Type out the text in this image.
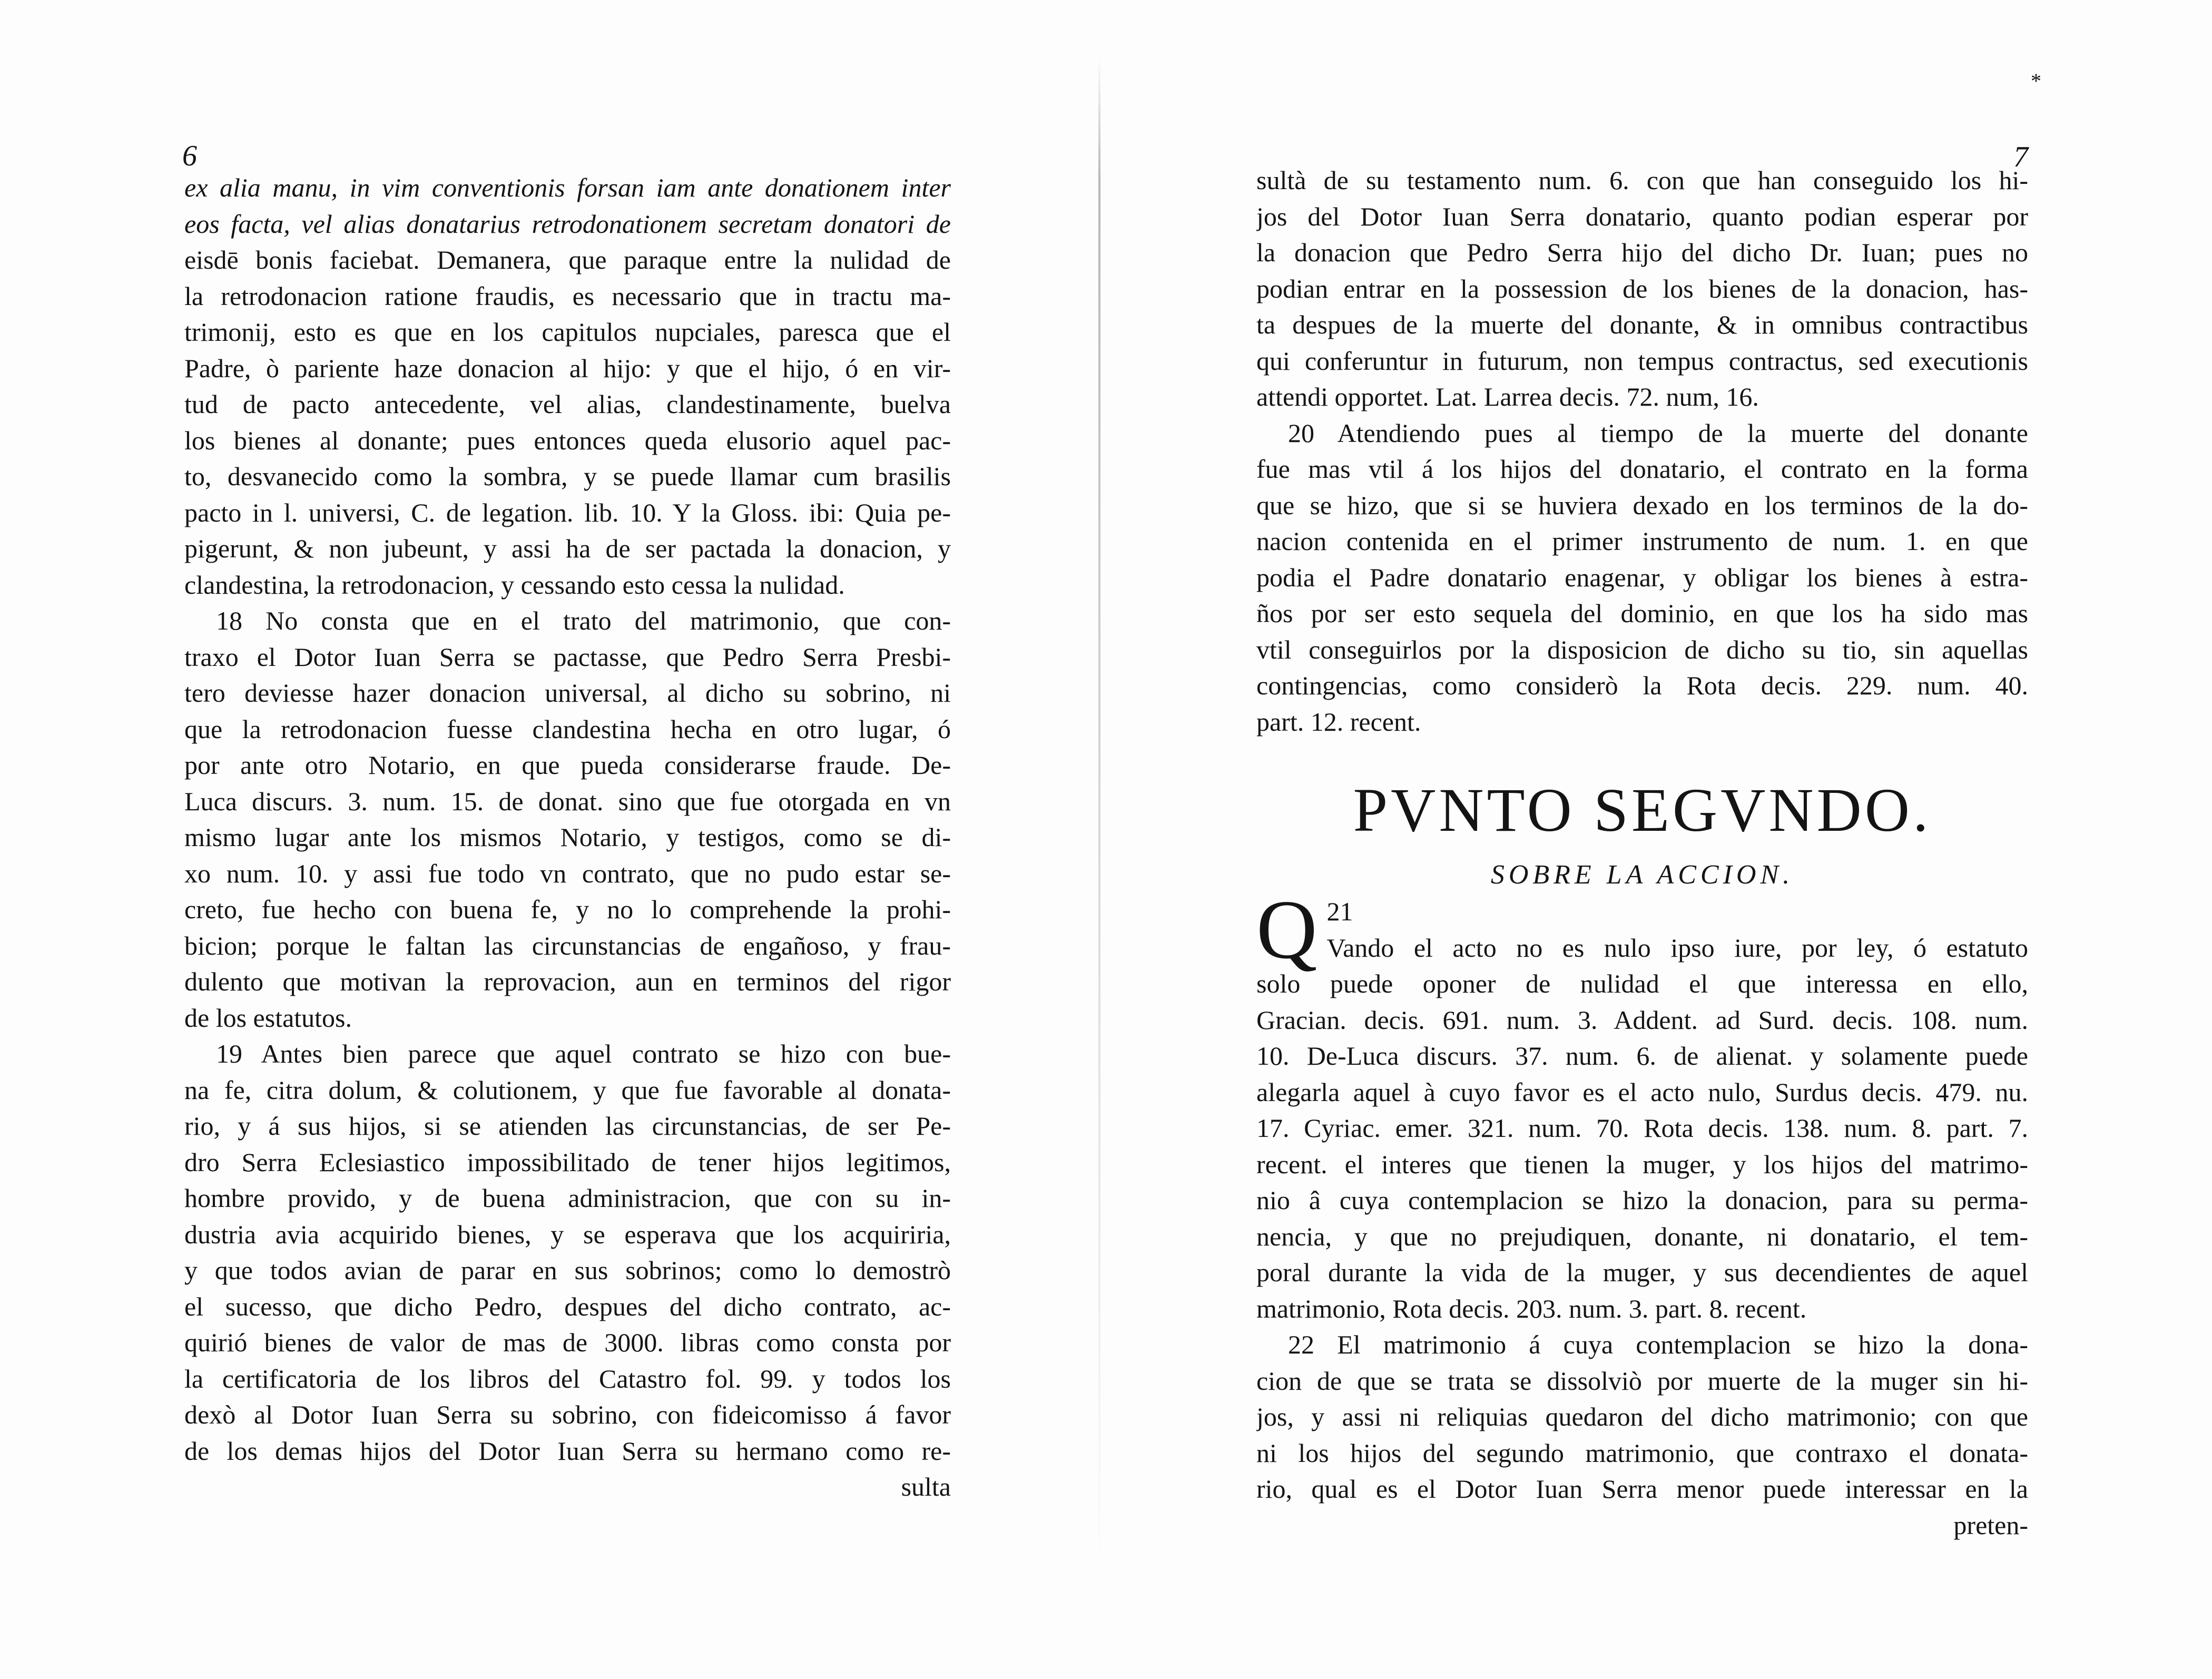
6
ex alia manu, in vim conventionis forsan iam ante donationem inter
eos facta, vel alias donatarius retrodonationem secretam donatori de
eisdē bonis faciebat. Demanera, que paraque entre la nulidad de
la retrodonacion ratione fraudis, es necessario que in tractu ma-
trimonij, esto es que en los capitulos nupciales, paresca que el
Padre, ò pariente haze donacion al hijo: y que el hijo, ó en vir-
tud de pacto antecedente, vel alias, clandestinamente, buelva
los bienes al donante; pues entonces queda elusorio aquel pac-
to, desvanecido como la sombra, y se puede llamar cum brasilis
pacto in l. universi, C. de legation. lib. 10. Y la Gloss. ibi: Quia pe-
pigerunt, & non jubeunt, y assi ha de ser pactada la donacion, y
clandestina, la retrodonacion, y cessando esto cessa la nulidad.
18 No consta que en el trato del matrimonio, que con-
traxo el Dotor Iuan Serra se pactasse, que Pedro Serra Presbi-
tero deviesse hazer donacion universal, al dicho su sobrino, ni
que la retrodonacion fuesse clandestina hecha en otro lugar, ó
por ante otro Notario, en que pueda considerarse fraude. De-
Luca discurs. 3. num. 15. de donat. sino que fue otorgada en vn
mismo lugar ante los mismos Notario, y testigos, como se di-
xo num. 10. y assi fue todo vn contrato, que no pudo estar se-
creto, fue hecho con buena fe, y no lo comprehende la prohi-
bicion; porque le faltan las circunstancias de engañoso, y frau-
dulento que motivan la reprovacion, aun en terminos del rigor
de los estatutos.
19 Antes bien parece que aquel contrato se hizo con bue-
na fe, citra dolum, & colutionem, y que fue favorable al donata-
rio, y á sus hijos, si se atienden las circunstancias, de ser Pe-
dro Serra Eclesiastico impossibilitado de tener hijos legitimos,
hombre provido, y de buena administracion, que con su in-
dustria avia acquirido bienes, y se esperava que los acquiriria,
y que todos avian de parar en sus sobrinos; como lo demostrò
el sucesso, que dicho Pedro, despues del dicho contrato, ac-
quirió bienes de valor de mas de 3000. libras como consta por
la certificatoria de los libros del Catastro fol. 99. y todos los
dexò al Dotor Iuan Serra su sobrino, con fideicomisso á favor
de los demas hijos del Dotor Iuan Serra su hermano como re-
sulta
*
7
sultà de su testamento num. 6. con que han conseguido los hi-
jos del Dotor Iuan Serra donatario, quanto podian esperar por
la donacion que Pedro Serra hijo del dicho Dr. Iuan; pues no
podian entrar en la possession de los bienes de la donacion, has-
ta despues de la muerte del donante, & in omnibus contractibus
qui conferuntur in futurum, non tempus contractus, sed executionis
attendi opportet. Lat. Larrea decis. 72. num, 16.
20 Atendiendo pues al tiempo de la muerte del donante
fue mas vtil á los hijos del donatario, el contrato en la forma
que se hizo, que si se huviera dexado en los terminos de la do-
nacion contenida en el primer instrumento de num. 1. en que
podia el Padre donatario enagenar, y obligar los bienes à estra-
ños por ser esto sequela del dominio, en que los ha sido mas
vtil conseguirlos por la disposicion de dicho su tio, sin aquellas
contingencias, como considerò la Rota decis. 229. num. 40.
part. 12. recent.
PVNTO SEGVNDO.
SOBRE LA ACCION.
21
Q Vando el acto no es nulo ipso iure, por ley, ó estatuto
solo puede oponer de nulidad el que interessa en ello,
Gracian. decis. 691. num. 3. Addent. ad Surd. decis. 108. num.
10. De-Luca discurs. 37. num. 6. de alienat. y solamente puede
alegarla aquel à cuyo favor es el acto nulo, Surdus decis. 479. nu.
17. Cyriac. emer. 321. num. 70. Rota decis. 138. num. 8. part. 7.
recent. el interes que tienen la muger, y los hijos del matrimo-
nio â cuya contemplacion se hizo la donacion, para su perma-
nencia, y que no prejudiquen, donante, ni donatario, el tem-
poral durante la vida de la muger, y sus decendientes de aquel
matrimonio, Rota decis. 203. num. 3. part. 8. recent.
22 El matrimonio á cuya contemplacion se hizo la dona-
cion de que se trata se dissolviò por muerte de la muger sin hi-
jos, y assi ni reliquias quedaron del dicho matrimonio; con que
ni los hijos del segundo matrimonio, que contraxo el donata-
rio, qual es el Dotor Iuan Serra menor puede interessar en la
preten-
